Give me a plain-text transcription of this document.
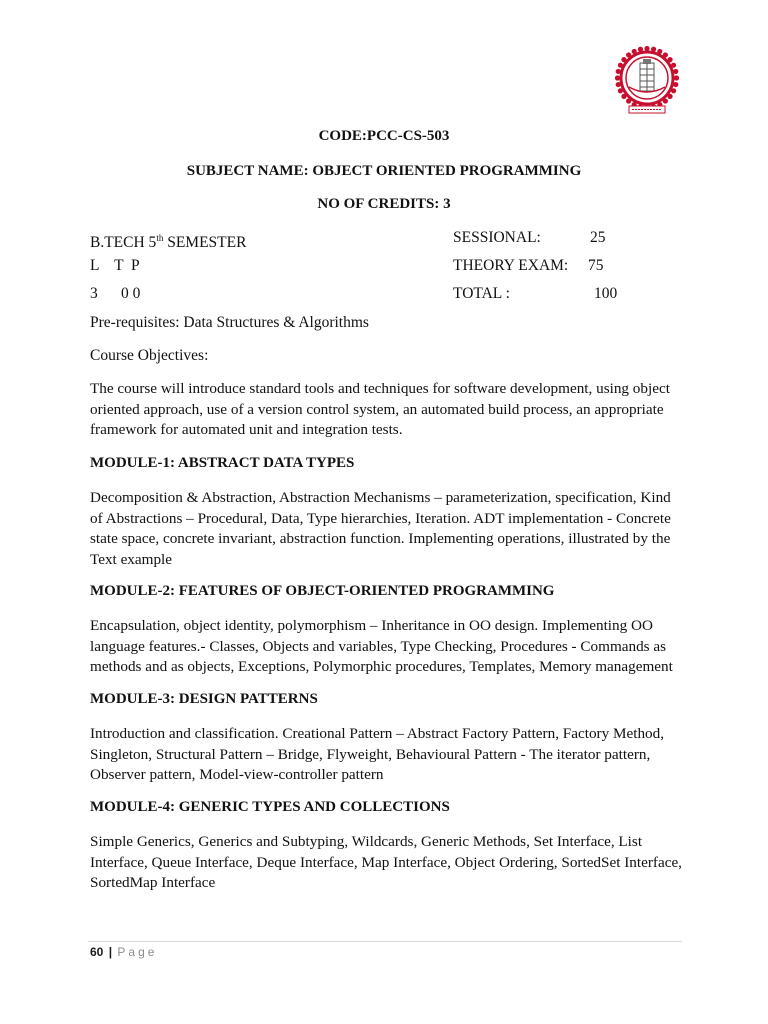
CODE:PCC-CS-503
SUBJECT NAME: OBJECT ORIENTED PROGRAMMING
NO OF CREDITS: 3
B.TECH 5th SEMESTER	SESSIONAL:	25
L    T  P	THEORY EXAM: 75
3      0 0	TOTAL :	100
Pre-requisites: Data Structures & Algorithms
Course Objectives:
The course will introduce standard tools and techniques for software development, using object oriented approach, use of a version control system, an automated build process, an appropriate framework for automated unit and integration tests.
MODULE-1: ABSTRACT DATA TYPES
Decomposition & Abstraction, Abstraction Mechanisms – parameterization, specification, Kind of Abstractions – Procedural, Data, Type hierarchies, Iteration. ADT implementation - Concrete state space, concrete invariant, abstraction function. Implementing operations, illustrated by the Text example
MODULE-2: FEATURES OF OBJECT-ORIENTED PROGRAMMING
Encapsulation, object identity, polymorphism – Inheritance in OO design. Implementing OO language features.- Classes, Objects and variables, Type Checking, Procedures - Commands as methods and as objects, Exceptions, Polymorphic procedures, Templates, Memory management
MODULE-3: DESIGN PATTERNS
Introduction and classification. Creational Pattern – Abstract Factory Pattern, Factory Method, Singleton, Structural Pattern – Bridge, Flyweight, Behavioural Pattern - The iterator pattern, Observer pattern, Model-view-controller pattern
MODULE-4: GENERIC TYPES AND COLLECTIONS
Simple Generics, Generics and Subtyping, Wildcards, Generic Methods, Set Interface, List Interface, Queue Interface, Deque Interface, Map Interface, Object Ordering, SortedSet Interface, SortedMap Interface
60 | Page
